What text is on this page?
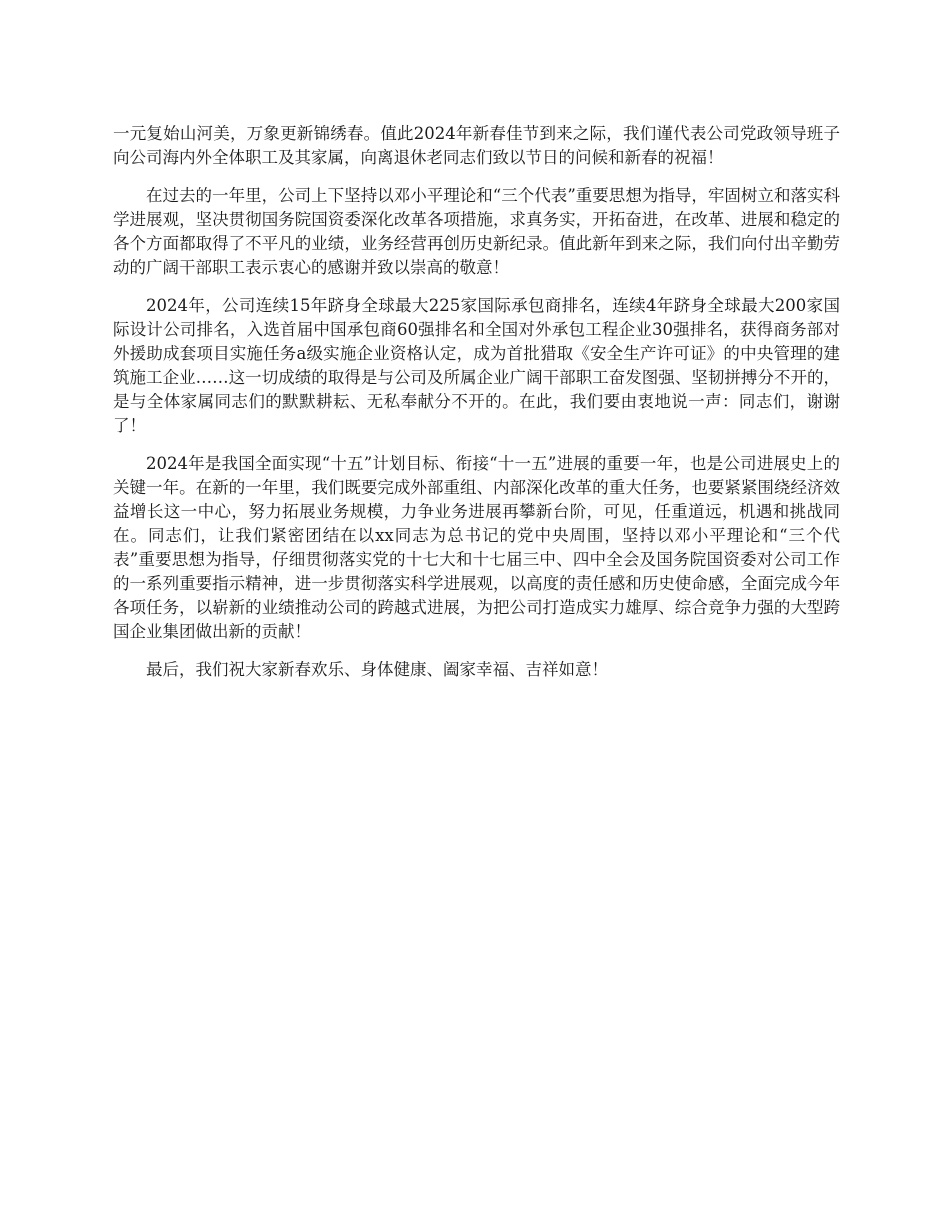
一元复始山河美，万象更新锦绣春。值此2024年新春佳节到来之际，我们谨代表公司党政领导班子向公司海内外全体职工及其家属，向离退休老同志们致以节日的问候和新春的祝福！

在过去的一年里，公司上下坚持以邓小平理论和“三个代表”重要思想为指导，牢固树立和落实科学进展观，坚决贯彻国务院国资委深化改革各项措施，求真务实，开拓奋进，在改革、进展和稳定的各个方面都取得了不平凡的业绩，业务经营再创历史新纪录。值此新年到来之际，我们向付出辛勤劳动的广阔干部职工表示衷心的感谢并致以崇高的敬意！

2024年，公司连续15年跻身全球最大225家国际承包商排名，连续4年跻身全球最大200家国际设计公司排名，入选首届中国承包商60强排名和全国对外承包工程企业30强排名，获得商务部对外援助成套项目实施任务a级实施企业资格认定，成为首批猎取《安全生产许可证》的中央管理的建筑施工企业……这一切成绩的取得是与公司及所属企业广阔干部职工奋发图强、坚韧拼搏分不开的，是与全体家属同志们的默默耕耘、无私奉献分不开的。在此，我们要由衷地说一声：同志们，谢谢了！

2024年是我国全面实现“十五”计划目标、衔接“十一五”进展的重要一年，也是公司进展史上的关键一年。在新的一年里，我们既要完成外部重组、内部深化改革的重大任务，也要紧紧围绕经济效益增长这一中心，努力拓展业务规模，力争业务进展再攀新台阶，可见，任重道远，机遇和挑战同在。同志们，让我们紧密团结在以xx同志为总书记的党中央周围，坚持以邓小平理论和“三个代表”重要思想为指导，仔细贯彻落实党的十七大和十七届三中、四中全会及国务院国资委对公司工作的一系列重要指示精神，进一步贯彻落实科学进展观，以高度的责任感和历史使命感，全面完成今年各项任务，以崭新的业绩推动公司的跨越式进展，为把公司打造成实力雄厚、综合竞争力强的大型跨国企业集团做出新的贡献！

最后，我们祝大家新春欢乐、身体健康、阖家幸福、吉祥如意！
